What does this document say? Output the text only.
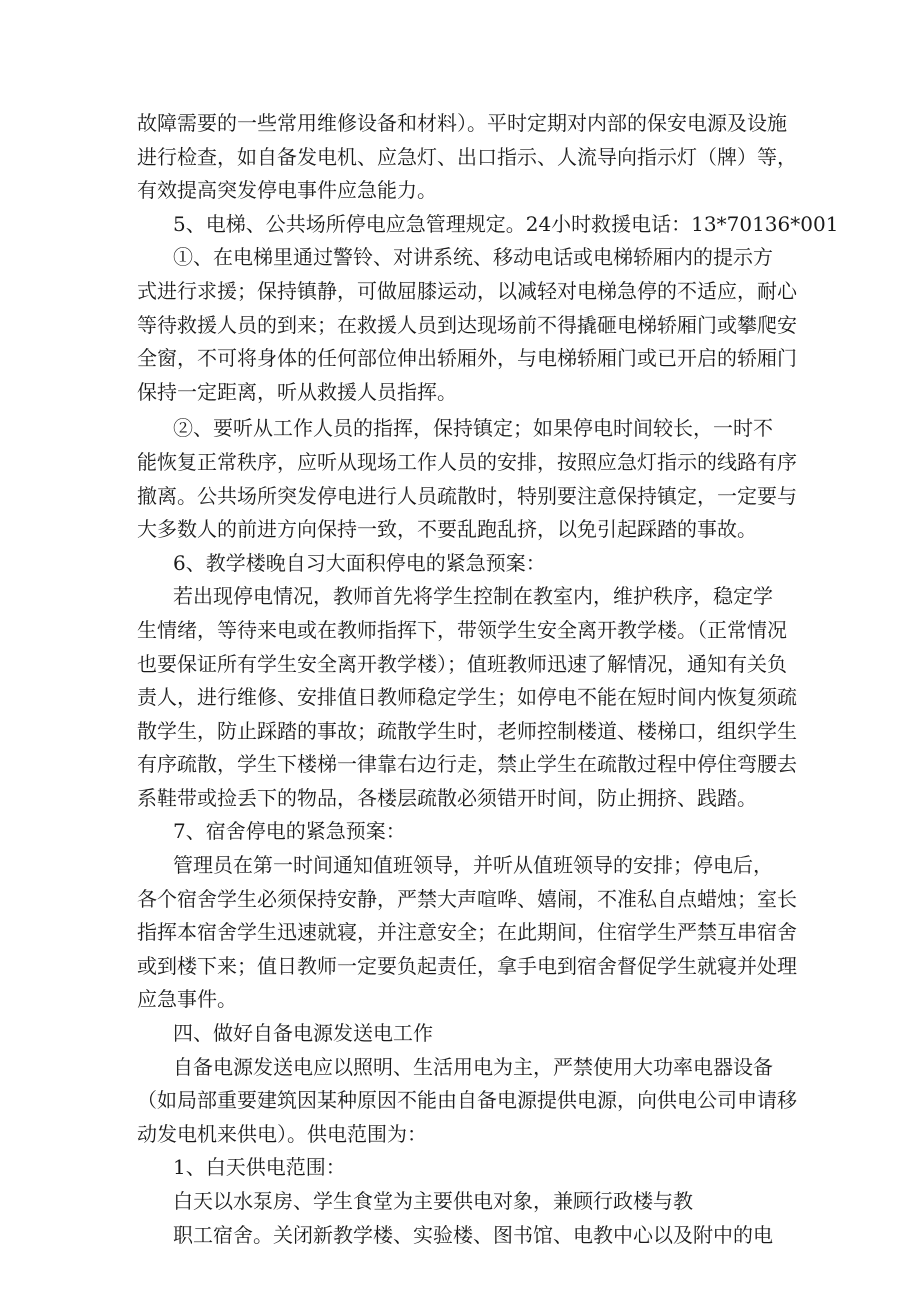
故障需要的一些常用维修设备和材料）。平时定期对内部的保安电源及设施
进行检查，如自备发电机、应急灯、出口指示、人流导向指示灯（牌）等，
有效提高突发停电事件应急能力。
5、电梯、公共场所停电应急管理规定。24小时救援电话：13*70136*001
①、在电梯里通过警铃、对讲系统、移动电话或电梯轿厢内的提示方
式进行求援；保持镇静，可做屈膝运动，以减轻对电梯急停的不适应，耐心
等待救援人员的到来；在救援人员到达现场前不得撬砸电梯轿厢门或攀爬安
全窗，不可将身体的任何部位伸出轿厢外，与电梯轿厢门或已开启的轿厢门
保持一定距离，听从救援人员指挥。
②、要听从工作人员的指挥，保持镇定；如果停电时间较长，一时不
能恢复正常秩序，应听从现场工作人员的安排，按照应急灯指示的线路有序
撤离。公共场所突发停电进行人员疏散时，特别要注意保持镇定，一定要与
大多数人的前进方向保持一致，不要乱跑乱挤，以免引起踩踏的事故。
6、教学楼晚自习大面积停电的紧急预案：
若出现停电情况，教师首先将学生控制在教室内，维护秩序，稳定学
生情绪，等待来电或在教师指挥下，带领学生安全离开教学楼。（正常情况
也要保证所有学生安全离开教学楼）；值班教师迅速了解情况，通知有关负
责人，进行维修、安排值日教师稳定学生；如停电不能在短时间内恢复须疏
散学生，防止踩踏的事故；疏散学生时，老师控制楼道、楼梯口，组织学生
有序疏散，学生下楼梯一律靠右边行走，禁止学生在疏散过程中停住弯腰去
系鞋带或捡丢下的物品，各楼层疏散必须错开时间，防止拥挤、践踏。
7、宿舍停电的紧急预案：
管理员在第一时间通知值班领导，并听从值班领导的安排；停电后，
各个宿舍学生必须保持安静，严禁大声喧哗、嬉闹，不准私自点蜡烛；室长
指挥本宿舍学生迅速就寝，并注意安全；在此期间，住宿学生严禁互串宿舍
或到楼下来；值日教师一定要负起责任，拿手电到宿舍督促学生就寝并处理
应急事件。
四、做好自备电源发送电工作
自备电源发送电应以照明、生活用电为主，严禁使用大功率电器设备
（如局部重要建筑因某种原因不能由自备电源提供电源，向供电公司申请移
动发电机来供电）。供电范围为：
1、白天供电范围：
白天以水泵房、学生食堂为主要供电对象，兼顾行政楼与教
职工宿舍。关闭新教学楼、实验楼、图书馆、电教中心以及附中的电
